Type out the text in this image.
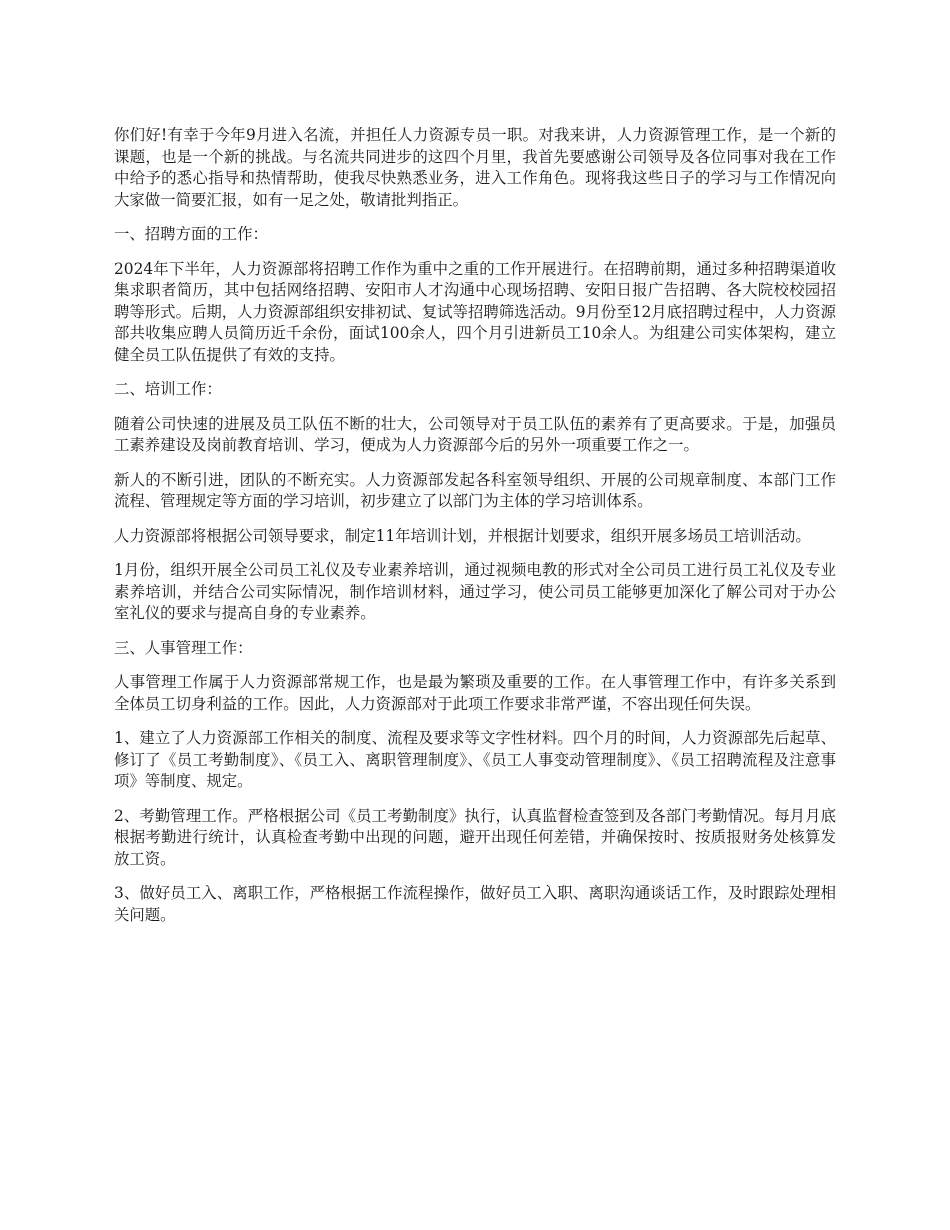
你们好!有幸于今年9月进入名流，并担任人力资源专员一职。对我来讲，人力资源管理工作，是一个新的课题，也是一个新的挑战。与名流共同进步的这四个月里，我首先要感谢公司领导及各位同事对我在工作中给予的悉心指导和热情帮助，使我尽快熟悉业务，进入工作角色。现将我这些日子的学习与工作情况向大家做一简要汇报，如有一足之处，敬请批判指正。

一、招聘方面的工作：

2024年下半年，人力资源部将招聘工作作为重中之重的工作开展进行。在招聘前期，通过多种招聘渠道收集求职者简历，其中包括网络招聘、安阳市人才沟通中心现场招聘、安阳日报广告招聘、各大院校校园招聘等形式。后期，人力资源部组织安排初试、复试等招聘筛选活动。9月份至12月底招聘过程中，人力资源部共收集应聘人员简历近千余份，面试100余人，四个月引进新员工10余人。为组建公司实体架构，建立健全员工队伍提供了有效的支持。

二、培训工作：

随着公司快速的进展及员工队伍不断的壮大，公司领导对于员工队伍的素养有了更高要求。于是，加强员工素养建设及岗前教育培训、学习，便成为人力资源部今后的另外一项重要工作之一。

新人的不断引进，团队的不断充实。人力资源部发起各科室领导组织、开展的公司规章制度、本部门工作流程、管理规定等方面的学习培训，初步建立了以部门为主体的学习培训体系。

人力资源部将根据公司领导要求，制定11年培训计划，并根据计划要求，组织开展多场员工培训活动。

1月份，组织开展全公司员工礼仪及专业素养培训，通过视频电教的形式对全公司员工进行员工礼仪及专业素养培训，并结合公司实际情况，制作培训材料，通过学习，使公司员工能够更加深化了解公司对于办公室礼仪的要求与提高自身的专业素养。

三、人事管理工作：

人事管理工作属于人力资源部常规工作，也是最为繁琐及重要的工作。在人事管理工作中，有许多关系到全体员工切身利益的工作。因此，人力资源部对于此项工作要求非常严谨，不容出现任何失误。

1、建立了人力资源部工作相关的制度、流程及要求等文字性材料。四个月的时间，人力资源部先后起草、修订了《员工考勤制度》、《员工入、离职管理制度》、《员工人事变动管理制度》、《员工招聘流程及注意事项》等制度、规定。

2、考勤管理工作。严格根据公司《员工考勤制度》执行，认真监督检查签到及各部门考勤情况。每月月底根据考勤进行统计，认真检查考勤中出现的问题，避开出现任何差错，并确保按时、按质报财务处核算发放工资。

3、做好员工入、离职工作，严格根据工作流程操作，做好员工入职、离职沟通谈话工作，及时跟踪处理相关问题。
